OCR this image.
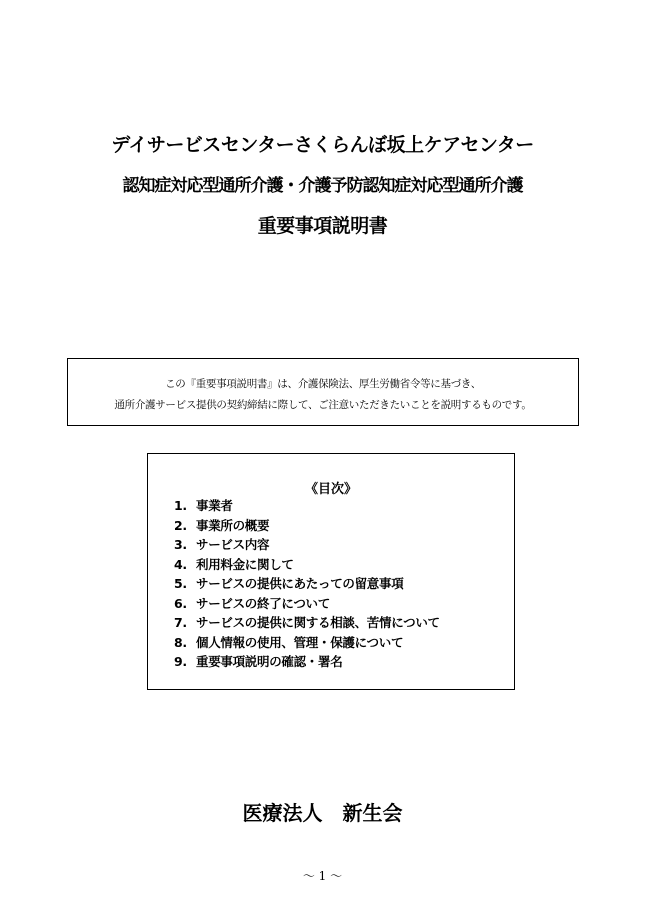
デイサービスセンターさくらんぼ坂上ケアセンター
認知症対応型通所介護・介護予防認知症対応型通所介護
重要事項説明書
この『重要事項説明書』は、介護保険法、厚生労働省令等に基づき、
通所介護サービス提供の契約締結に際して、ご注意いただきたいことを説明するものです。
《目次》
1. 事業者
2. 事業所の概要
3. サービス内容
4. 利用料金に関して
5. サービスの提供にあたっての留意事項
6. サービスの終了について
7. サービスの提供に関する相談、苦情について
8. 個人情報の使用、管理・保護について
9. 重要事項説明の確認・署名
医療法人　新生会
～ 1 ～
